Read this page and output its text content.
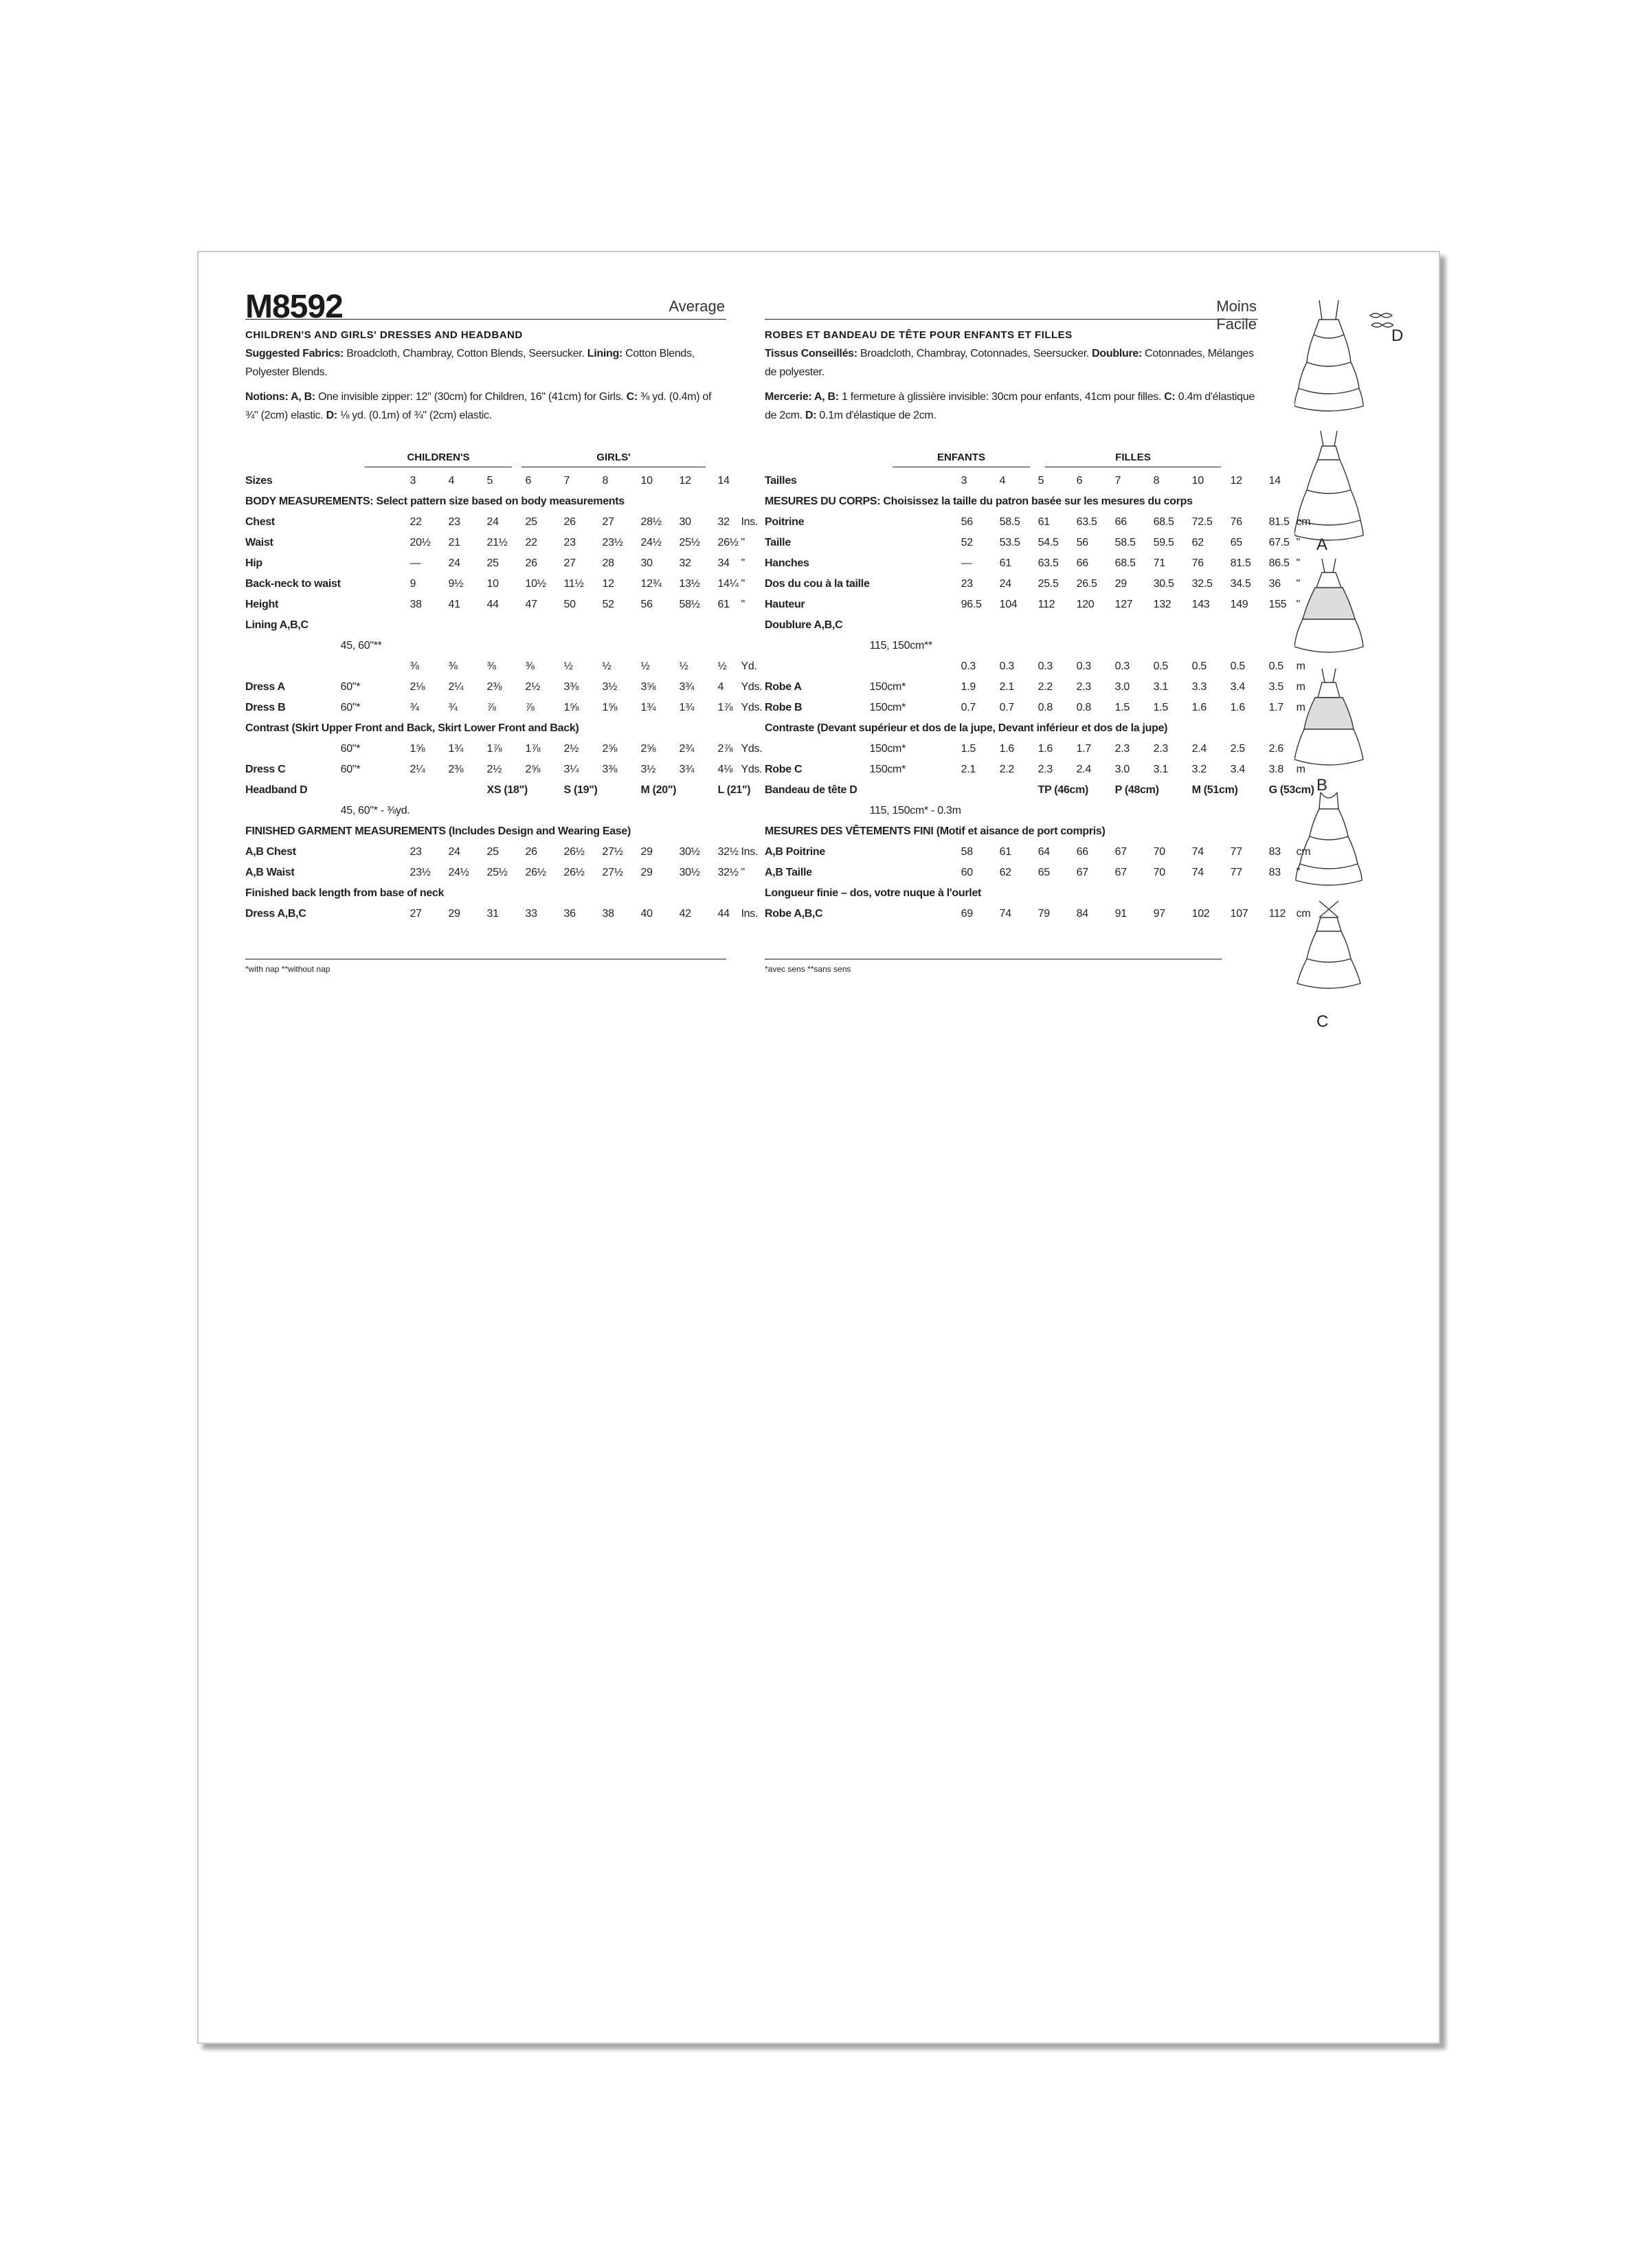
M8592	Average	Moins Facile
CHILDREN'S AND GIRLS' DRESSES AND HEADBAND	ROBES ET BANDEAU DE TÊTE POUR ENFANTS ET FILLES
Suggested Fabrics: Broadcloth, Chambray, Cotton Blends, Seersucker. Lining: Cotton Blends, Polyester Blends.
Notions: A, B: One invisible zipper: 12" (30cm) for Children, 16" (41cm) for Girls. C: ⅜ yd. (0.4m) of ¾" (2cm) elastic. D: ⅛ yd. (0.1m) of ¾" (2cm) elastic.
Tissus Conseillés: Broadcloth, Chambray, Cotonnades, Seersucker. Doublure: Cotonnades, Mélanges de polyester.
Mercerie: A, B: 1 fermeture à glissière invisible: 30cm pour enfants, 41cm pour filles. C: 0.4m d'élastique de 2cm. D: 0.1m d'élastique de 2cm.
CHILDREN'S	GIRLS'	ENFANTS	FILLES
Sizes		3	4	5	6	7	8	10	12	14	
BODY MEASUREMENTS: Select pattern size based on body measurements											
Chest		22	23	24	25	26	27	28½	30	32	Ins.
Waist		20½	21	21½	22	23	23½	24½	25½	26½	"
Hip		—	24	25	26	27	28	30	32	34	"
Back-neck to waist		9	9½	10	10½	11½	12	12¾	13½	14¼	"
Height		38	41	44	47	50	52	56	58½	61	"
Lining A,B,C											
	45, 60"**										
		⅜	⅜	⅜	⅜	½	½	½	½	½	Yd.
Dress A	60"*	2⅛	2¼	2⅜	2½	3⅜	3½	3⅝	3¾	4	Yds.
Dress B	60"*	¾	¾	⅞	⅞	1⅝	1⅝	1¾	1¾	1⅞	Yds.
Contrast (Skirt Upper Front and Back, Skirt Lower Front and Back)											
	60"*	1⅝	1¾	1⅞	1⅞	2½	2⅝	2⅝	2¾	2⅞	Yds.
Dress C	60"*	2¼	2⅜	2½	2⅝	3¼	3⅜	3½	3¾	4⅛	Yds.
Headband D				XS (18")		S (19")		M (20")		L (21")	
	45, 60"* - ⅜yd.										
FINISHED GARMENT MEASUREMENTS (Includes Design and Wearing Ease)											
A,B Chest		23	24	25	26	26½	27½	29	30½	32½	Ins.
A,B Waist		23½	24½	25½	26½	26½	27½	29	30½	32½	"
Finished back length from base of neck											
Dress A,B,C		27	29	31	33	36	38	40	42	44	Ins.
Tailles		3	4	5	6	7	8	10	12	14	
MESURES DU CORPS: Choisissez la taille du patron basée sur les mesures du corps											
Poitrine		56	58.5	61	63.5	66	68.5	72.5	76	81.5	cm
Taille		52	53.5	54.5	56	58.5	59.5	62	65	67.5	"
Hanches		—	61	63.5	66	68.5	71	76	81.5	86.5	"
Dos du cou à la taille		23	24	25.5	26.5	29	30.5	32.5	34.5	36	"
Hauteur		96.5	104	112	120	127	132	143	149	155	"
Doublure A,B,C											
	115, 150cm**										
		0.3	0.3	0.3	0.3	0.3	0.5	0.5	0.5	0.5	m
Robe A	150cm*	1.9	2.1	2.2	2.3	3.0	3.1	3.3	3.4	3.5	m
Robe B	150cm*	0.7	0.7	0.8	0.8	1.5	1.5	1.6	1.6	1.7	m
Contraste (Devant supérieur et dos de la jupe, Devant inférieur et dos de la jupe)											
	150cm*	1.5	1.6	1.6	1.7	2.3	2.3	2.4	2.5	2.6	
Robe C	150cm*	2.1	2.2	2.3	2.4	3.0	3.1	3.2	3.4	3.8	m
Bandeau de tête D				TP (46cm)		P (48cm)		M (51cm)		G (53cm)	
	115, 150cm* - 0.3m										
MESURES DES VÊTEMENTS FINI (Motif et aisance de port compris)											
A,B Poitrine		58	61	64	66	67	70	74	77	83	cm
A,B Taille		60	62	65	67	67	70	74	77	83	"
Longueur finie – dos, votre nuque à l'ourlet											
Robe A,B,C		69	74	79	84	91	97	102	107	112	cm
*with nap **without nap	*avec sens **sans sens
D
A
B
C
